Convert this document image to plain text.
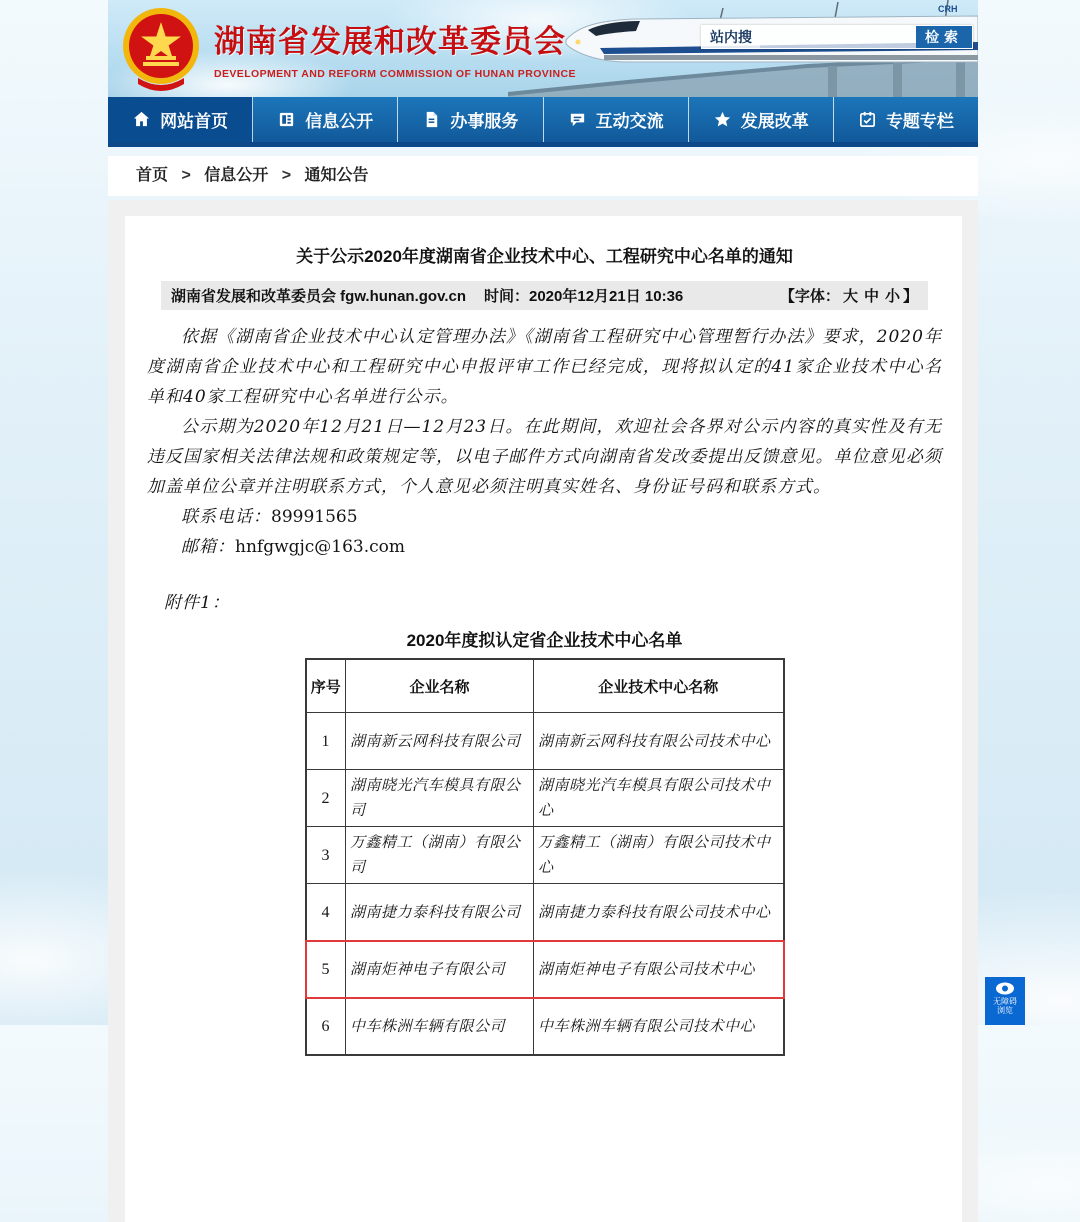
CRH
湖南省发展和改革委员会
DEVELOPMENT AND REFORM COMMISSION OF HUNAN PROVINCE
站内搜	检索
网站首页	信息公开	办事服务	互动交流	发展改革	专题专栏
首页 > 信息公开 > 通知公告
关于公示2020年度湖南省企业技术中心、工程研究中心名单的通知
湖南省发展和改革委员会 fgw.hunan.gov.cn 时间：2020年12月21日 10:36	【字体： 大 中 小 】

依据《湖南省企业技术中心认定管理办法》《湖南省工程研究中心管理暂行办法》要求，2020年度湖南省企业技术中心和工程研究中心申报评审工作已经完成，现将拟认定的41家企业技术中心名单和40家工程研究中心名单进行公示。

公示期为2020年12月21日—12月23日。在此期间，欢迎社会各界对公示内容的真实性及有无违反国家相关法律法规和政策规定等，以电子邮件方式向湖南省发改委提出反馈意见。单位意见必须加盖单位公章并注明联系方式，个人意见必须注明真实姓名、身份证号码和联系方式。

联系电话：89991565
邮箱：hnfgwgjc@163.com
附件1：
2020年度拟认定省企业技术中心名单
序号	企业名称	企业技术中心名称
1	湖南新云网科技有限公司	湖南新云网科技有限公司技术中心
2	湖南晓光汽车模具有限公司	湖南晓光汽车模具有限公司技术中心
3	万鑫精工（湖南）有限公司	万鑫精工（湖南）有限公司技术中心
4	湖南捷力泰科技有限公司	湖南捷力泰科技有限公司技术中心
5	湖南炬神电子有限公司	湖南炬神电子有限公司技术中心
6	中车株洲车辆有限公司	中车株洲车辆有限公司技术中心
无障碍浏览
